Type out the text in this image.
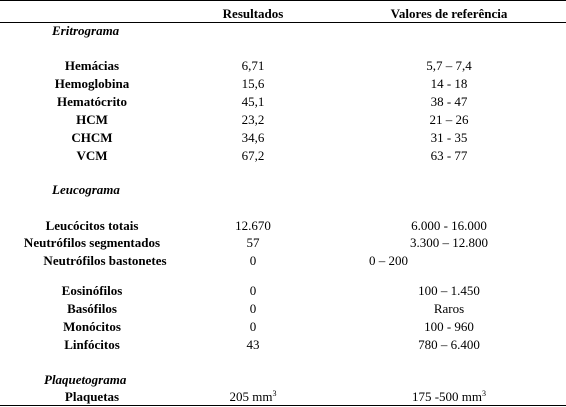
Resultados	Valores de referência
Eritrograma
Hemácias	6,71	5,7 – 7,4
Hemoglobina	15,6	14 - 18
Hematócrito	45,1	38 - 47
HCM	23,2	21 – 26
CHCM	34,6	31 - 35
VCM	67,2	63 - 77
Leucograma
Leucócitos totais	12.670	6.000 - 16.000
Neutrófilos segmentados	57	3.300 – 12.800
Neutrófilos bastonetes	0	0 – 200
Eosinófilos	0	100 – 1.450
Basófilos	0	Raros
Monócitos	0	100 - 960
Linfócitos	43	780 – 6.400
Plaquetograma
Plaquetas	205 $mm^3$	175 -500 $mm^3$
